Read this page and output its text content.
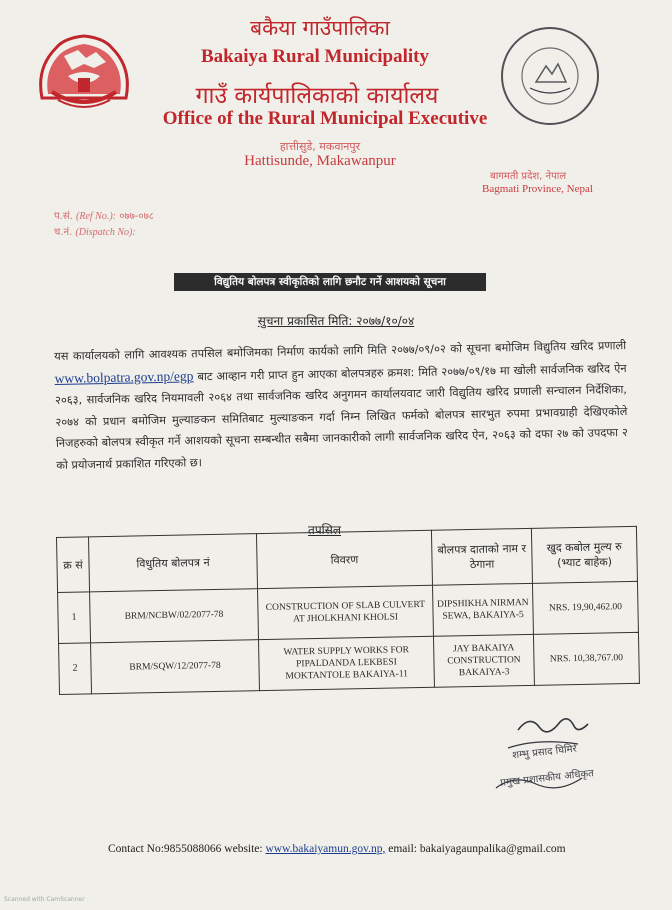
बकैया गाउँपालिका
Bakaiya Rural Municipality
गाउँ कार्यपालिकाको कार्यालय
Office of the Rural Municipal Executive
हात्तीसुडे, मकवानपुर
Hattisunde, Makawanpur
बागमती प्रदेश, नेपाल
Bagmati Province, Nepal
प.सं. (Ref No.): ०७७-०७८
च.नं. (Dispatch No):
विद्युतिय बोलपत्र स्वीकृतिको लागि छनौट गर्ने आशयको सूचना
सुचना प्रकासित मिति: २०७७/१०/०४
यस कार्यालयको लागि आवश्यक तपसिल बमोजिमका निर्माण कार्यको लागि मिति २०७७/०९/०२ को सूचना बमोजिम विद्युतिय खरिद प्रणाली www.bolpatra.gov.np/egp बाट आव्हान गरी प्राप्त हुन आएका बोलपत्रहरु क्रमश: मिति २०७७/०९/१७ मा खोली सार्वजनिक खरिद ऐन २०६३, सार्वजनिक खरिद नियमावली २०६४ तथा सार्वजनिक खरिद अनुगमन कार्यालयवाट जारी विद्युतिय खरिद प्रणाली सन्चालन निर्देशिका, २०७४ को प्रधान बमोजिम मुल्याङकन समितिबाट मुल्याङकन गर्दा निम्न लिखित फर्मको बोलपत्र सारभुत रुपमा प्रभावग्राही देखिएकोले निजहरुको बोलपत्र स्वीकृत गर्ने आशयको सूचना सम्बन्धीत सबैमा जानकारीको लागी सार्वजनिक खरिद ऐन, २०६३ को दफा २७ को उपदफा २ को प्रयोजनार्थ प्रकाशित गरिएको छ।
तपसिल
क्र सं	विधुतिय बोलपत्र नं	विवरण	बोलपत्र दाताको नाम र ठेगाना	खुद कबोल मुल्य रु (भ्याट बाहेक)
1	BRM/NCBW/02/2077-78	CONSTRUCTION OF SLAB CULVERT AT JHOLKHANI KHOLSI	DIPSHIKHA NIRMAN SEWA, BAKAIYA-5	NRS. 19,90,462.00
2	BRM/SQW/12/2077-78	WATER SUPPLY WORKS FOR PIPALDANDA LEKBESI MOKTANTOLE BAKAIYA-11	JAY BAKAIYA CONSTRUCTION BAKAIYA-3	NRS. 10,38,767.00
शम्भु प्रसाद घिमिरे
प्रमुख प्रशासकीय अधिकृत
Contact No:9855088066 website: www.bakaiyamun.gov.np, email: bakaiyagaunpalika@gmail.com
Scanned with CamScanner
